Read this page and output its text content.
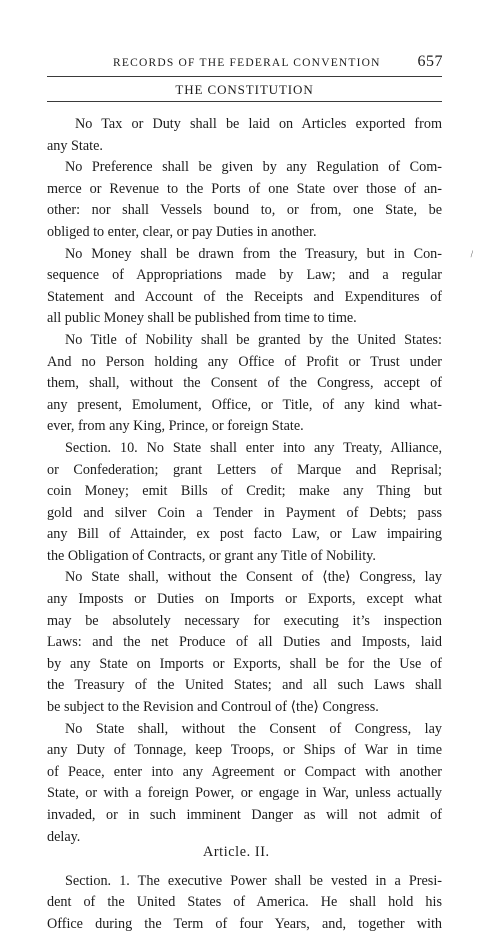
RECORDS OF THE FEDERAL CONVENTION 657
THE CONSTITUTION
No Tax or Duty shall be laid on Articles exported from
any State.
No Preference shall be given by any Regulation of Com-
merce or Revenue to the Ports of one State over those of an-
other: nor shall Vessels bound to, or from, one State, be
obliged to enter, clear, or pay Duties in another.
No Money shall be drawn from the Treasury, but in Con-
sequence of Appropriations made by Law; and a regular
Statement and Account of the Receipts and Expenditures of
all public Money shall be published from time to time.
No Title of Nobility shall be granted by the United States:
And no Person holding any Office of Profit or Trust under
them, shall, without the Consent of the Congress, accept of
any present, Emolument, Office, or Title, of any kind what-
ever, from any King, Prince, or foreign State.
Section. 10. No State shall enter into any Treaty, Alliance,
or Confederation; grant Letters of Marque and Reprisal;
coin Money; emit Bills of Credit; make any Thing but
gold and silver Coin a Tender in Payment of Debts; pass
any Bill of Attainder, ex post facto Law, or Law impairing
the Obligation of Contracts, or grant any Title of Nobility.
No State shall, without the Consent of ⟨the⟩ Congress, lay
any Imposts or Duties on Imports or Exports, except what
may be absolutely necessary for executing it’s inspection
Laws: and the net Produce of all Duties and Imposts, laid
by any State on Imports or Exports, shall be for the Use of
the Treasury of the United States; and all such Laws shall
be subject to the Revision and Controul of ⟨the⟩ Congress.
No State shall, without the Consent of Congress, lay
any Duty of Tonnage, keep Troops, or Ships of War in time
of Peace, enter into any Agreement or Compact with another
State, or with a foreign Power, or engage in War, unless actually
invaded, or in such imminent Danger as will not admit of
delay.
Article. II.
Section. 1. The executive Power shall be vested in a Presi-
dent of the United States of America. He shall hold his
Office during the Term of four Years, and, together with
\
